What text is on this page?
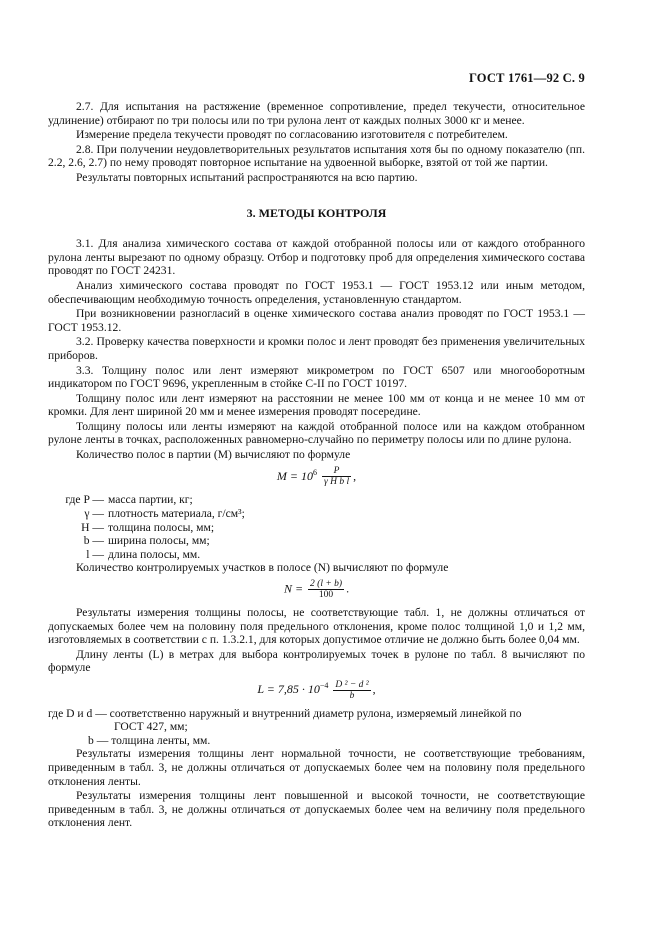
ГОСТ 1761—92 С. 9

2.7. Для испытания на растяжение (временное сопротивление, предел текучести, относительное удлинение) отбирают по три полосы или по три рулона лент от каждых полных 3000 кг и менее.

Измерение предела текучести проводят по согласованию изготовителя с потребителем.

2.8. При получении неудовлетворительных результатов испытания хотя бы по одному показателю (пп. 2.2, 2.6, 2.7) по нему проводят повторное испытание на удвоенной выборке, взятой от той же партии.

Результаты повторных испытаний распространяются на всю партию.

3. МЕТОДЫ КОНТРОЛЯ

3.1. Для анализа химического состава от каждой отобранной полосы или от каждого отобранного рулона ленты вырезают по одному образцу. Отбор и подготовку проб для определения химического состава проводят по ГОСТ 24231.

Анализ химического состава проводят по ГОСТ 1953.1 — ГОСТ 1953.12 или иным методом, обеспечивающим необходимую точность определения, установленную стандартом.

При возникновении разногласий в оценке химического состава анализ проводят по ГОСТ 1953.1 — ГОСТ 1953.12.

3.2. Проверку качества поверхности и кромки полос и лент проводят без применения увеличительных приборов.

3.3. Толщину полос или лент измеряют микрометром по ГОСТ 6507 или многооборотным индикатором по ГОСТ 9696, укрепленным в стойке С-II по ГОСТ 10197.

Толщину полос или лент измеряют на расстоянии не менее 100 мм от конца и не менее 10 мм от кромки. Для лент шириной 20 мм и менее измерения проводят посередине.

Толщину полосы или ленты измеряют на каждой отобранной полосе или на каждом отобранном рулоне ленты в точках, расположенных равномерно-случайно по периметру полосы или по длине рулона.

Количество полос в партии (M) вычисляют по формуле

$M = 10^6 \frac{P}{\text{γ H b l}}$ ,
где P — масса партии, кг;
γ — плотность материала, г/см³;
H — толщина полосы, мм;
b — ширина полосы, мм;
l — длина полосы, мм.

Количество контролируемых участков в полосе (N) вычисляют по формуле

$N = \frac{2 (l + b)}{100}$ .

Результаты измерения толщины полосы, не соответствующие табл. 1, не должны отличаться от допускаемых более чем на половину поля предельного отклонения, кроме полос толщиной 1,0 и 1,2 мм, изготовляемых в соответствии с п. 1.3.2.1, для которых допустимое отличие не должно быть более 0,04 мм.

Длину ленты (L) в метрах для выбора контролируемых точек в рулоне по табл. 8 вычисляют по формуле

$L = 7,85 \cdot 10^{-4} \frac{\text{D ² − d ²}}{b}$ ,
где D и d — соответственно наружный и внутренний диаметр рулона, измеряемый линейкой по
ГОСТ 427, мм;
b — толщина ленты, мм.

Результаты измерения толщины лент нормальной точности, не соответствующие требованиям, приведенным в табл. 3, не должны отличаться от допускаемых более чем на половину поля предельного отклонения ленты.

Результаты измерения толщины лент повышенной и высокой точности, не соответствующие приведенным в табл. 3, не должны отличаться от допускаемых более чем на величину поля предельного отклонения лент.
